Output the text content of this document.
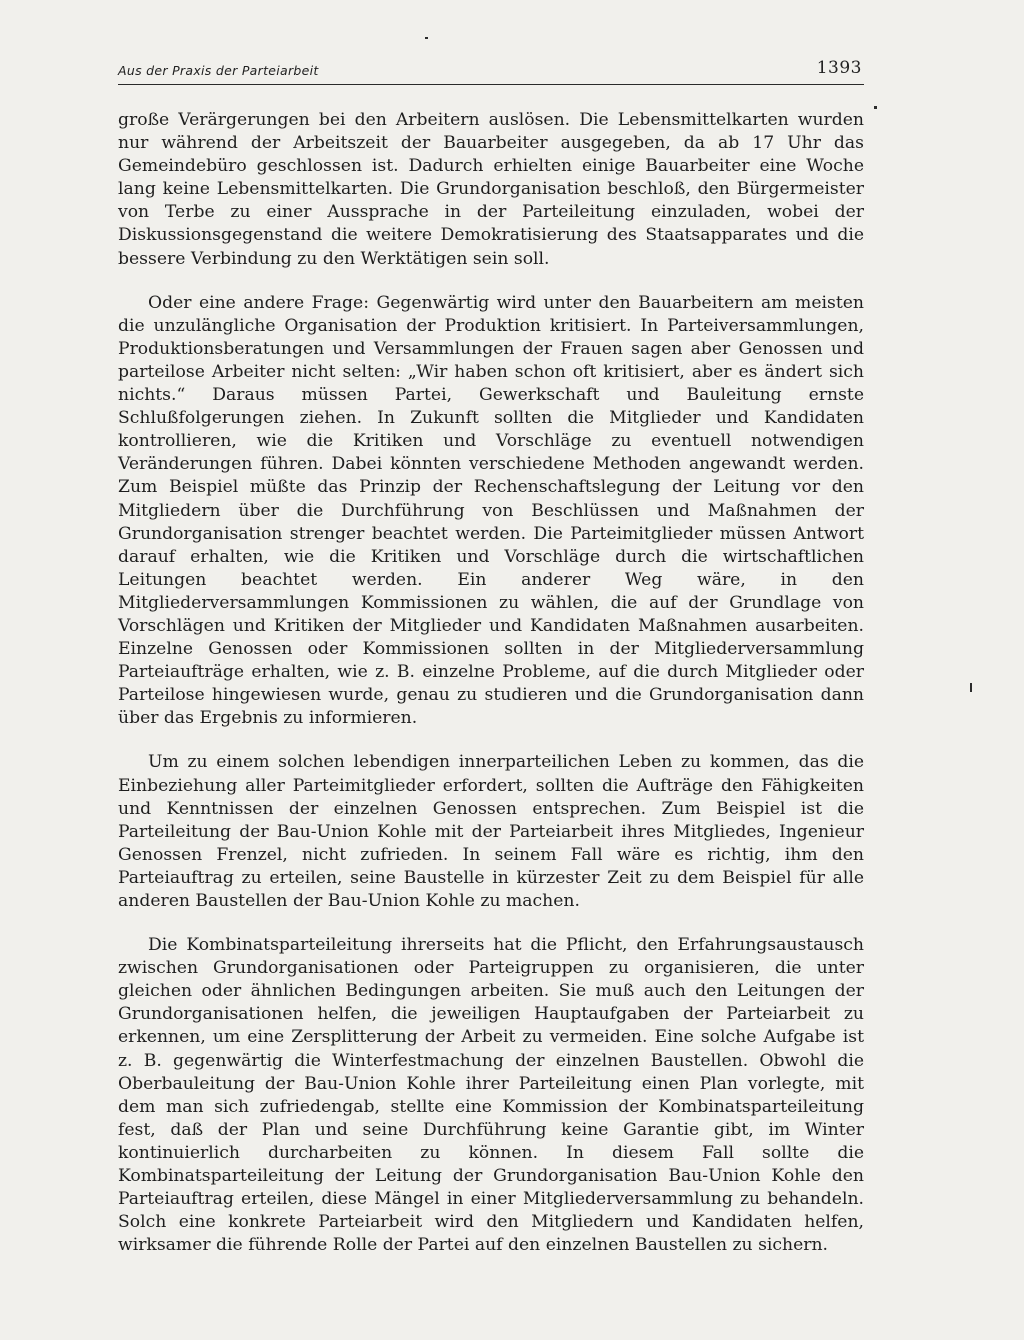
Aus der Praxis der Parteiarbeit	1393

große Verärgerungen bei den Arbeitern auslösen. Die Lebensmittelkarten wurden nur während der Arbeitszeit der Bauarbeiter ausgegeben, da ab 17 Uhr das Gemeindebüro geschlossen ist. Dadurch erhielten einige Bauarbeiter eine Woche lang keine Lebensmittelkarten. Die Grundorganisation beschloß, den Bürgermeister von Terbe zu einer Aussprache in der Parteileitung einzuladen, wobei der Diskussionsgegenstand die weitere Demokratisierung des Staatsapparates und die bessere Verbindung zu den Werktätigen sein soll.

Oder eine andere Frage: Gegenwärtig wird unter den Bauarbeitern am meisten die unzulängliche Organisation der Produktion kritisiert. In Parteiversammlungen, Produktionsberatungen und Versammlungen der Frauen sagen aber Genossen und parteilose Arbeiter nicht selten: „Wir haben schon oft kritisiert, aber es ändert sich nichts.“ Daraus müssen Partei, Gewerkschaft und Bauleitung ernste Schlußfolgerungen ziehen. In Zukunft sollten die Mitglieder und Kandidaten kontrollieren, wie die Kritiken und Vorschläge zu eventuell notwendigen Veränderungen führen. Dabei könnten verschiedene Methoden angewandt werden. Zum Beispiel müßte das Prinzip der Rechenschaftslegung der Leitung vor den Mitgliedern über die Durchführung von Beschlüssen und Maßnahmen der Grundorganisation strenger beachtet werden. Die Parteimitglieder müssen Antwort darauf erhalten, wie die Kritiken und Vorschläge durch die wirtschaftlichen Leitungen beachtet werden. Ein anderer Weg wäre, in den Mitgliederversammlungen Kommissionen zu wählen, die auf der Grundlage von Vorschlägen und Kritiken der Mitglieder und Kandidaten Maßnahmen ausarbeiten. Einzelne Genossen oder Kommissionen sollten in der Mitgliederversammlung Parteiaufträge erhalten, wie z. B. einzelne Probleme, auf die durch Mitglieder oder Parteilose hingewiesen wurde, genau zu studieren und die Grundorganisation dann über das Ergebnis zu informieren.

Um zu einem solchen lebendigen innerparteilichen Leben zu kommen, das die Einbeziehung aller Parteimitglieder erfordert, sollten die Aufträge den Fähigkeiten und Kenntnissen der einzelnen Genossen entsprechen. Zum Beispiel ist die Parteileitung der Bau-Union Kohle mit der Parteiarbeit ihres Mitgliedes, Ingenieur Genossen Frenzel, nicht zufrieden. In seinem Fall wäre es richtig, ihm den Parteiauftrag zu erteilen, seine Baustelle in kürzester Zeit zu dem Beispiel für alle anderen Baustellen der Bau-Union Kohle zu machen.

Die Kombinatsparteileitung ihrerseits hat die Pflicht, den Erfahrungsaustausch zwischen Grundorganisationen oder Parteigruppen zu organisieren, die unter gleichen oder ähnlichen Bedingungen arbeiten. Sie muß auch den Leitungen der Grundorganisationen helfen, die jeweiligen Hauptaufgaben der Parteiarbeit zu erkennen, um eine Zersplitterung der Arbeit zu vermeiden. Eine solche Aufgabe ist z. B. gegenwärtig die Winterfestmachung der einzelnen Baustellen. Obwohl die Oberbauleitung der Bau-Union Kohle ihrer Parteileitung einen Plan vorlegte, mit dem man sich zufriedengab, stellte eine Kommission der Kombinatsparteileitung fest, daß der Plan und seine Durchführung keine Garantie gibt, im Winter kontinuierlich durcharbeiten zu können. In diesem Fall sollte die Kombinatsparteileitung der Leitung der Grundorganisation Bau-Union Kohle den Parteiauftrag erteilen, diese Mängel in einer Mitgliederversammlung zu behandeln. Solch eine konkrete Parteiarbeit wird den Mitgliedern und Kandidaten helfen, wirksamer die führende Rolle der Partei auf den einzelnen Baustellen zu sichern.
